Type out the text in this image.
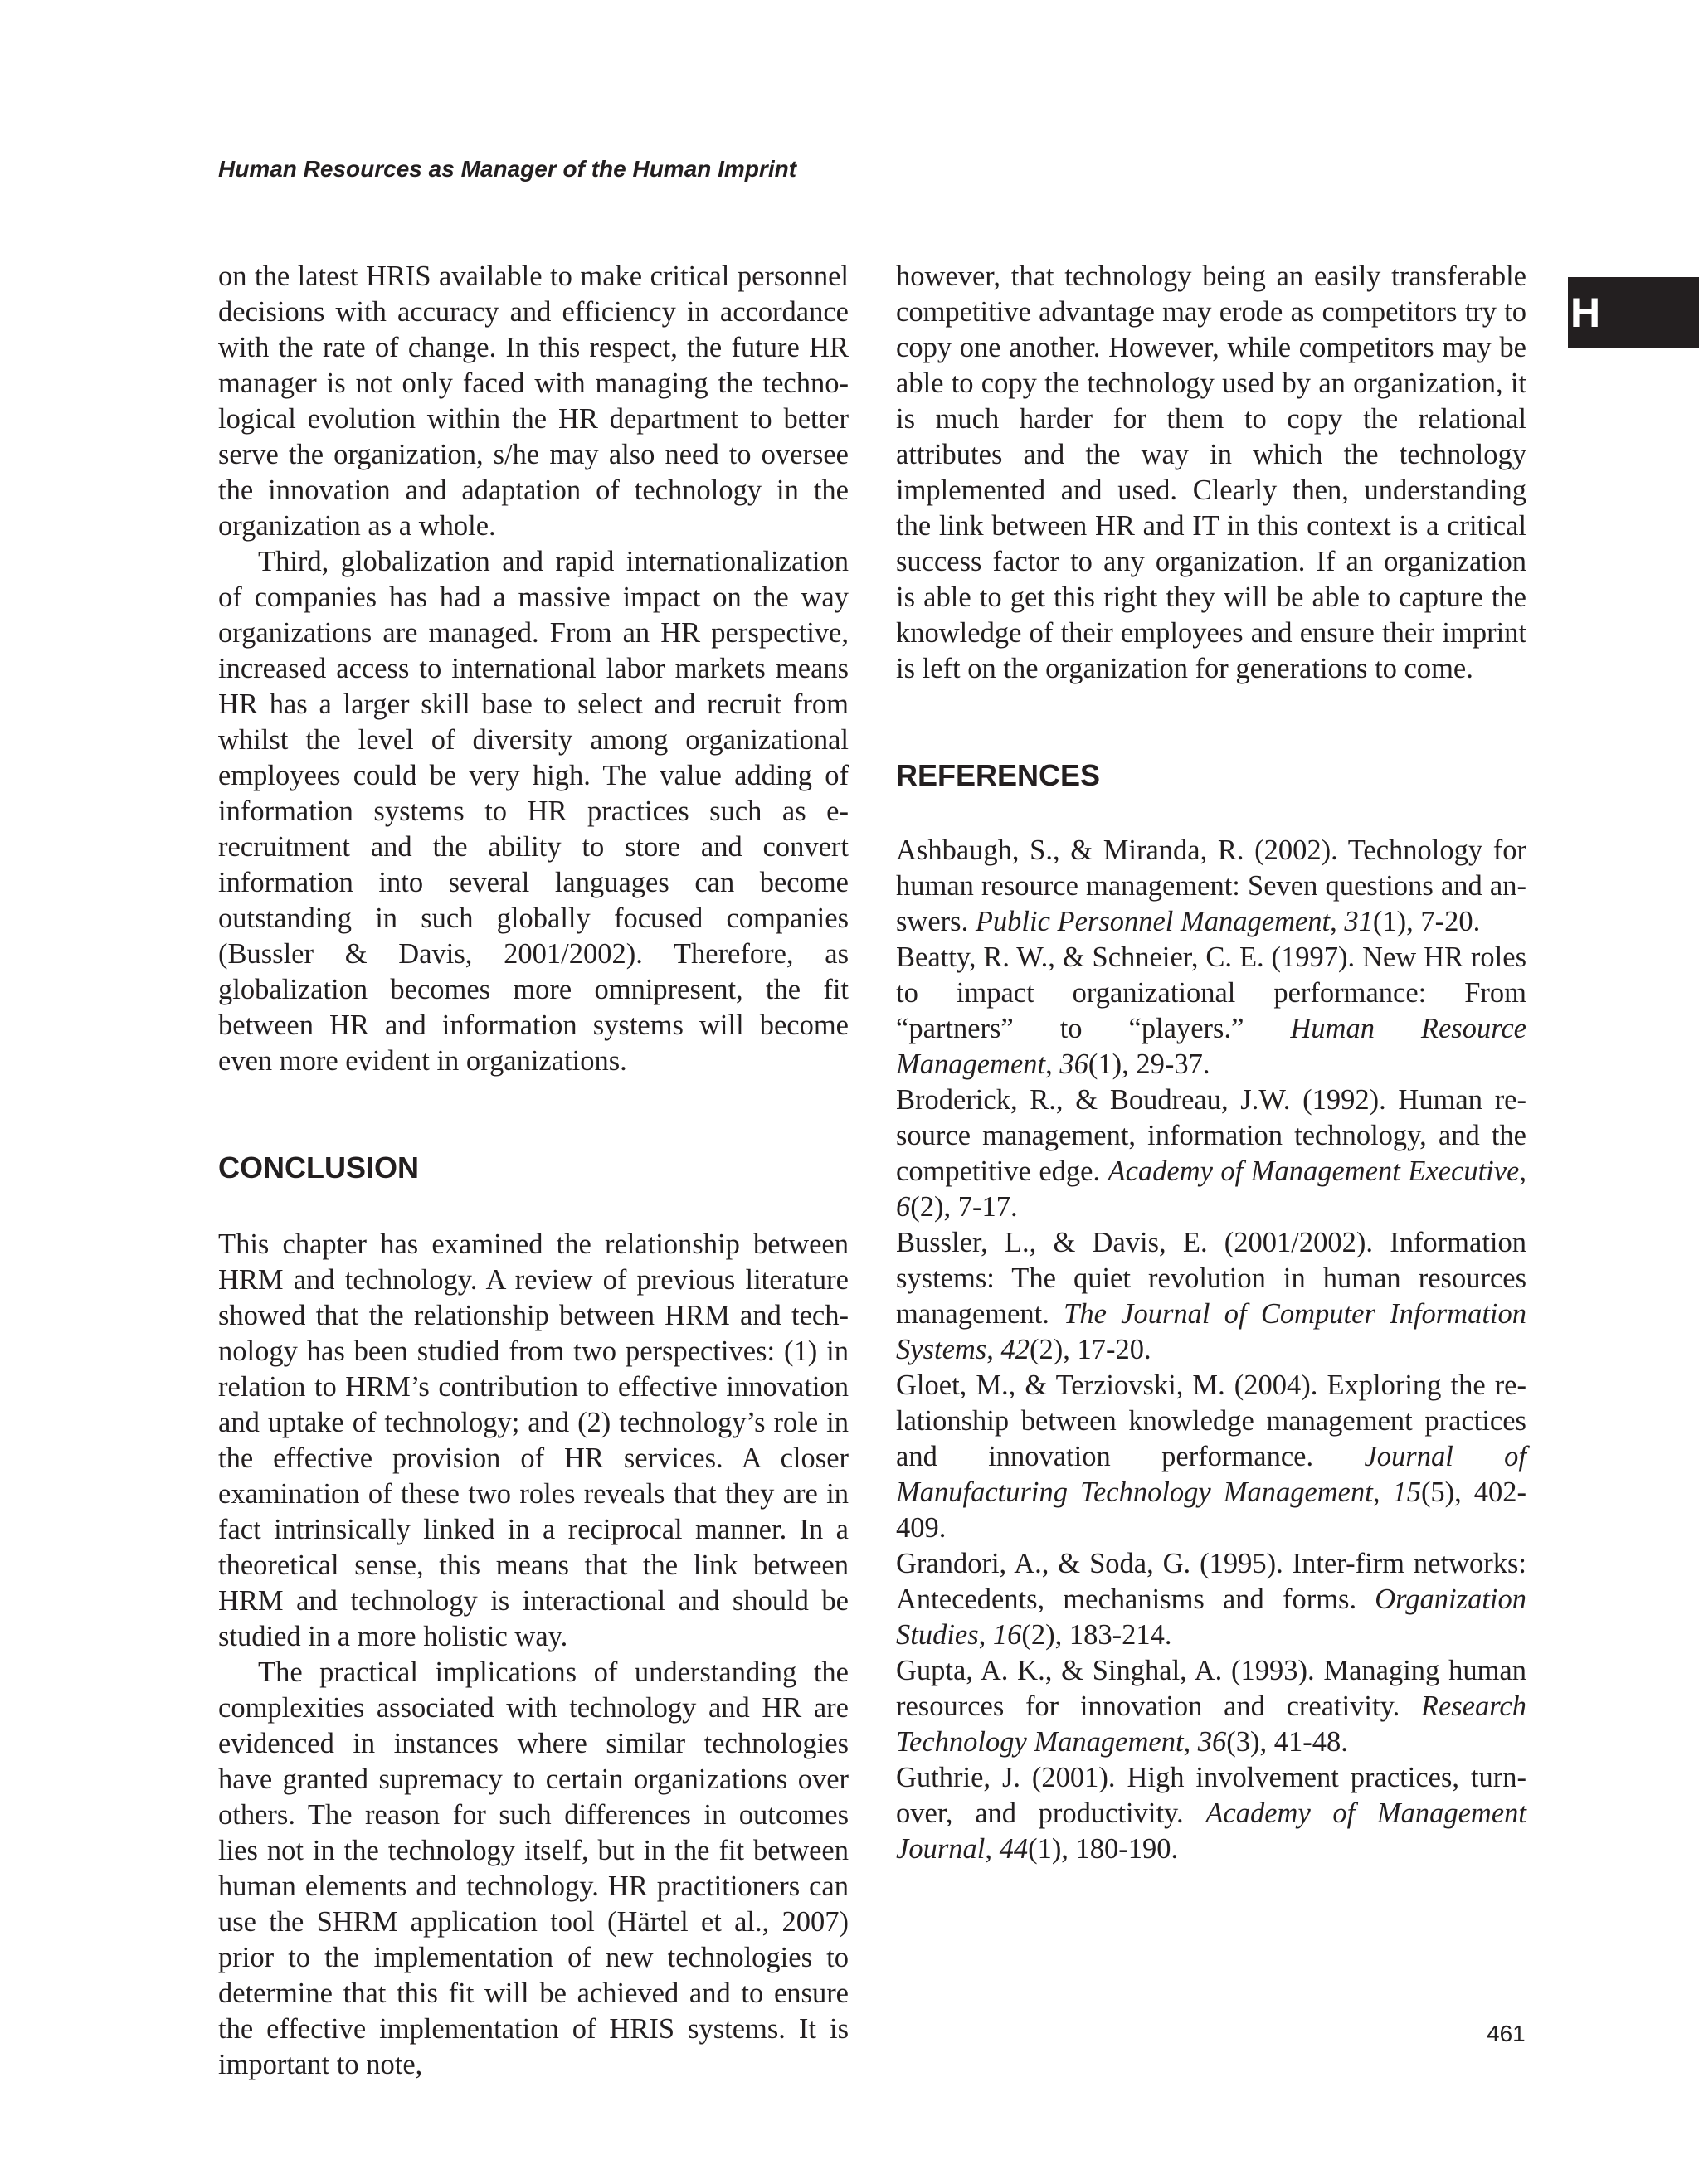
Human Resources as Manager of the Human Imprint
H

on the latest HRIS available to make critical personnel decisions with accuracy and efficiency in accordance with the rate of change. In this respect, the future HR manager is not only faced with managing the technological evolution within the HR department to better serve the organization, s/he may also need to oversee the innovation and adaptation of technology in the organization as a whole.

Third, globalization and rapid internationalization of companies has had a massive impact on the way organizations are managed. From an HR perspective, increased access to international labor markets means HR has a larger skill base to select and recruit from whilst the level of diversity among organizational employees could be very high. The value adding of information systems to HR practices such as e-recruitment and the ability to store and convert information into several languages can become outstanding in such globally focused companies (Bussler & Davis, 2001/2002). Therefore, as globalization becomes more omnipresent, the fit between HR and information systems will become even more evident in organizations.

CONCLUSION

This chapter has examined the relationship between HRM and technology. A review of previous literature showed that the relationship between HRM and technology has been studied from two perspectives: (1) in relation to HRM’s contribution to effective innovation and uptake of technology; and (2) technology’s role in the effective provision of HR services. A closer examination of these two roles reveals that they are in fact intrinsically linked in a reciprocal manner. In a theoretical sense, this means that the link between HRM and technology is interactional and should be studied in a more holistic way.

The practical implications of understanding the complexities associated with technology and HR are evidenced in instances where similar technologies have granted supremacy to certain organizations over others. The reason for such differences in outcomes lies not in the technology itself, but in the fit between human elements and technology. HR practitioners can use the SHRM application tool (Härtel et al., 2007) prior to the implementation of new technologies to determine that this fit will be achieved and to ensure the effective implementation of HRIS systems. It is important to note,

however, that technology being an easily transferable competitive advantage may erode as competitors try to copy one another. However, while competitors may be able to copy the technology used by an organization, it is much harder for them to copy the relational attributes and the way in which the technology implemented and used. Clearly then, understanding the link between HR and IT in this context is a critical success factor to any organization. If an organization is able to get this right they will be able to capture the knowledge of their employees and ensure their imprint is left on the organization for generations to come.

REFERENCES

Ashbaugh, S., & Miranda, R. (2002). Technology for human resource management: Seven questions and answers. Public Personnel Management, 31(1), 7-20.

Beatty, R. W., & Schneier, C. E. (1997). New HR roles to impact organizational performance: From “partners” to “players.” Human Resource Management, 36(1), 29-37.

Broderick, R., & Boudreau, J.W. (1992). Human resource management, information technology, and the competitive edge. Academy of Management Executive, 6(2), 7-17.

Bussler, L., & Davis, E. (2001/2002). Information systems: The quiet revolution in human resources management. The Journal of Computer Information Systems, 42(2), 17-20.

Gloet, M., & Terziovski, M. (2004). Exploring the relationship between knowledge management practices and innovation performance. Journal of Manufacturing Technology Management, 15(5), 402-409.

Grandori, A., & Soda, G. (1995). Inter-firm networks: Antecedents, mechanisms and forms. Organization Studies, 16(2), 183-214.

Gupta, A. K., & Singhal, A. (1993). Managing human resources for innovation and creativity. Research Technology Management, 36(3), 41-48.

Guthrie, J. (2001). High involvement practices, turnover, and productivity. Academy of Management Journal, 44(1), 180-190.

461
